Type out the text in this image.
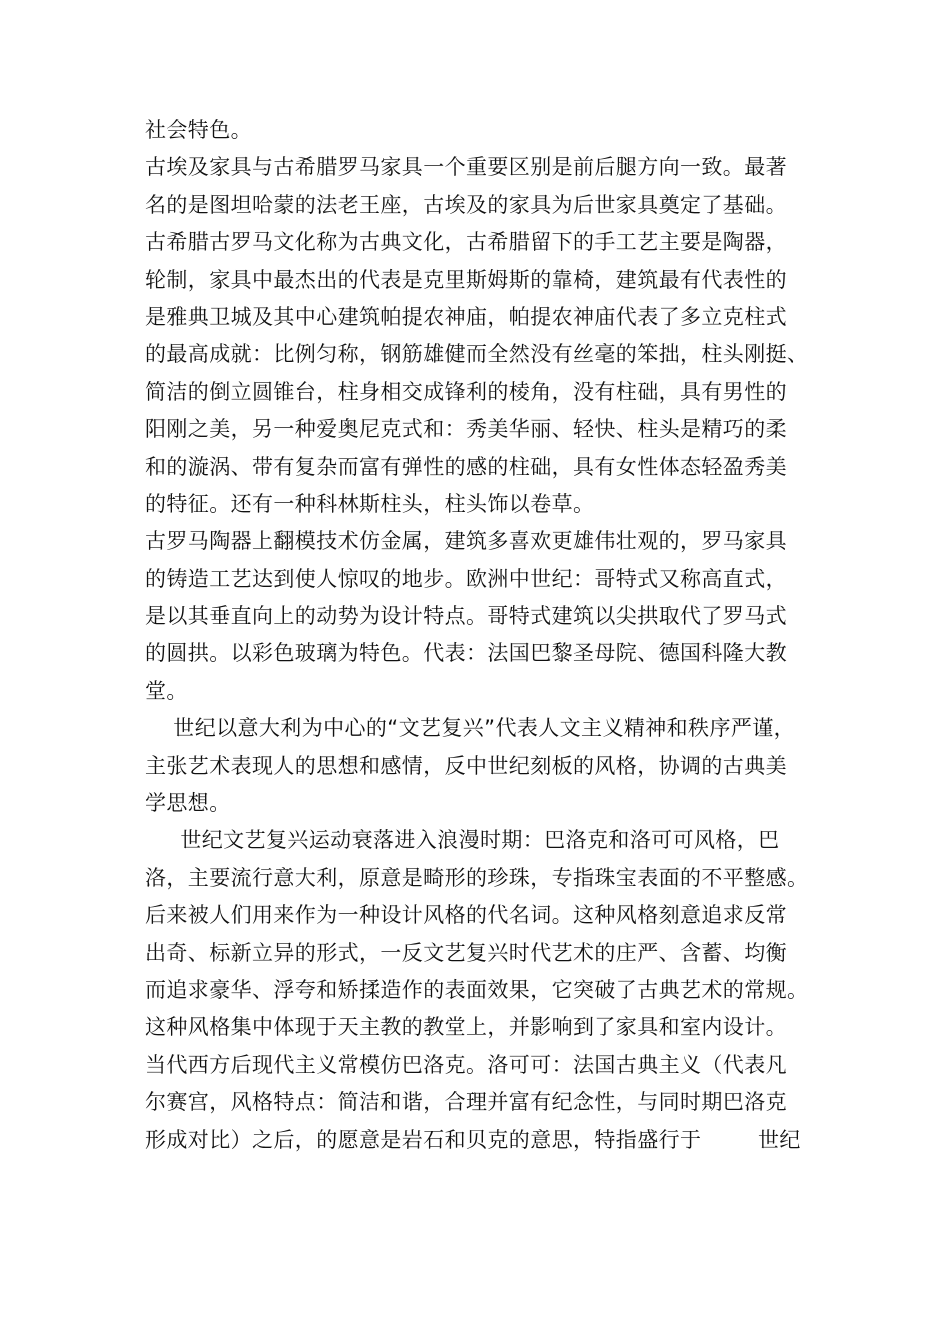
社会特色。
古埃及家具与古希腊罗马家具一个重要区别是前后腿方向一致。最著
名的是图坦哈蒙的法老王座，古埃及的家具为后世家具奠定了基础。
古希腊古罗马文化称为古典文化，古希腊留下的手工艺主要是陶器，
轮制，家具中最杰出的代表是克里斯姆斯的靠椅，建筑最有代表性的
是雅典卫城及其中心建筑帕提农神庙，帕提农神庙代表了多立克柱式
的最高成就：比例匀称，钢筋雄健而全然没有丝毫的笨拙，柱头刚挺、
简洁的倒立圆锥台，柱身相交成锋利的棱角，没有柱础，具有男性的
阳刚之美，另一种爱奥尼克式和：秀美华丽、轻快、柱头是精巧的柔
和的漩涡、带有复杂而富有弹性的感的柱础，具有女性体态轻盈秀美
的特征。还有一种科林斯柱头，柱头饰以卷草。
古罗马陶器上翻模技术仿金属，建筑多喜欢更雄伟壮观的，罗马家具
的铸造工艺达到使人惊叹的地步。欧洲中世纪：哥特式又称高直式，
是以其垂直向上的动势为设计特点。哥特式建筑以尖拱取代了罗马式
的圆拱。以彩色玻璃为特色。代表：法国巴黎圣母院、德国科隆大教
堂。
世纪以意大利为中心的“文艺复兴”代表人文主义精神和秩序严谨，
主张艺术表现人的思想和感情，反中世纪刻板的风格，协调的古典美
学思想。
世纪文艺复兴运动衰落进入浪漫时期：巴洛克和洛可可风格，巴
洛，主要流行意大利，原意是畸形的珍珠，专指珠宝表面的不平整感。
后来被人们用来作为一种设计风格的代名词。这种风格刻意追求反常
出奇、标新立异的形式，一反文艺复兴时代艺术的庄严、含蓄、均衡
而追求豪华、浮夸和矫揉造作的表面效果，它突破了古典艺术的常规。
这种风格集中体现于天主教的教堂上，并影响到了家具和室内设计。
当代西方后现代主义常模仿巴洛克。洛可可：法国古典主义（代表凡
尔赛宫，风格特点：简洁和谐，合理并富有纪念性，与同时期巴洛克
形成对比）之后，的愿意是岩石和贝克的意思，特指盛行于        世纪
